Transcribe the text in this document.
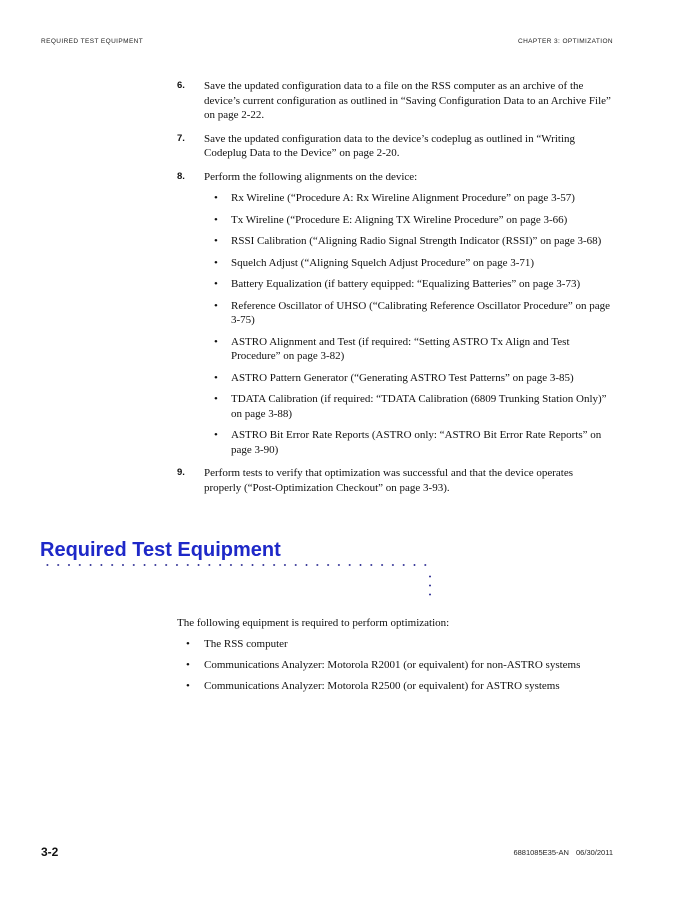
REQUIRED TEST EQUIPMENT	CHAPTER 3: OPTIMIZATION
6. Save the updated configuration data to a file on the RSS computer as an archive of the device’s current configuration as outlined in “Saving Configuration Data to an Archive File” on page 2-22.
7. Save the updated configuration data to the device’s codeplug as outlined in “Writing Codeplug Data to the Device” on page 2-20.
8. Perform the following alignments on the device:
• Rx Wireline (“Procedure A: Rx Wireline Alignment Procedure” on page 3-57)
• Tx Wireline (“Procedure E: Aligning TX Wireline Procedure” on page 3-66)
• RSSI Calibration (“Aligning Radio Signal Strength Indicator (RSSI)” on page 3-68)
• Squelch Adjust (“Aligning Squelch Adjust Procedure” on page 3-71)
• Battery Equalization (if battery equipped: “Equalizing Batteries” on page 3-73)
• Reference Oscillator of UHSO (“Calibrating Reference Oscillator Procedure” on page 3-75)
• ASTRO Alignment and Test (if required: “Setting ASTRO Tx Align and Test Procedure” on page 3-82)
• ASTRO Pattern Generator (“Generating ASTRO Test Patterns” on page 3-85)
• TDATA Calibration (if required: “TDATA Calibration (6809 Trunking Station Only)” on page 3-88)
• ASTRO Bit Error Rate Reports (ASTRO only: “ASTRO Bit Error Rate Reports” on page 3-90)
9. Perform tests to verify that optimization was successful and that the device operates properly (“Post-Optimization Checkout” on page 3-93).
Required Test Equipment
The following equipment is required to perform optimization:
• The RSS computer
• Communications Analyzer: Motorola R2001 (or equivalent) for non-ASTRO systems
• Communications Analyzer: Motorola R2500 (or equivalent) for ASTRO systems
3-2	6881085E35-AN 06/30/2011
